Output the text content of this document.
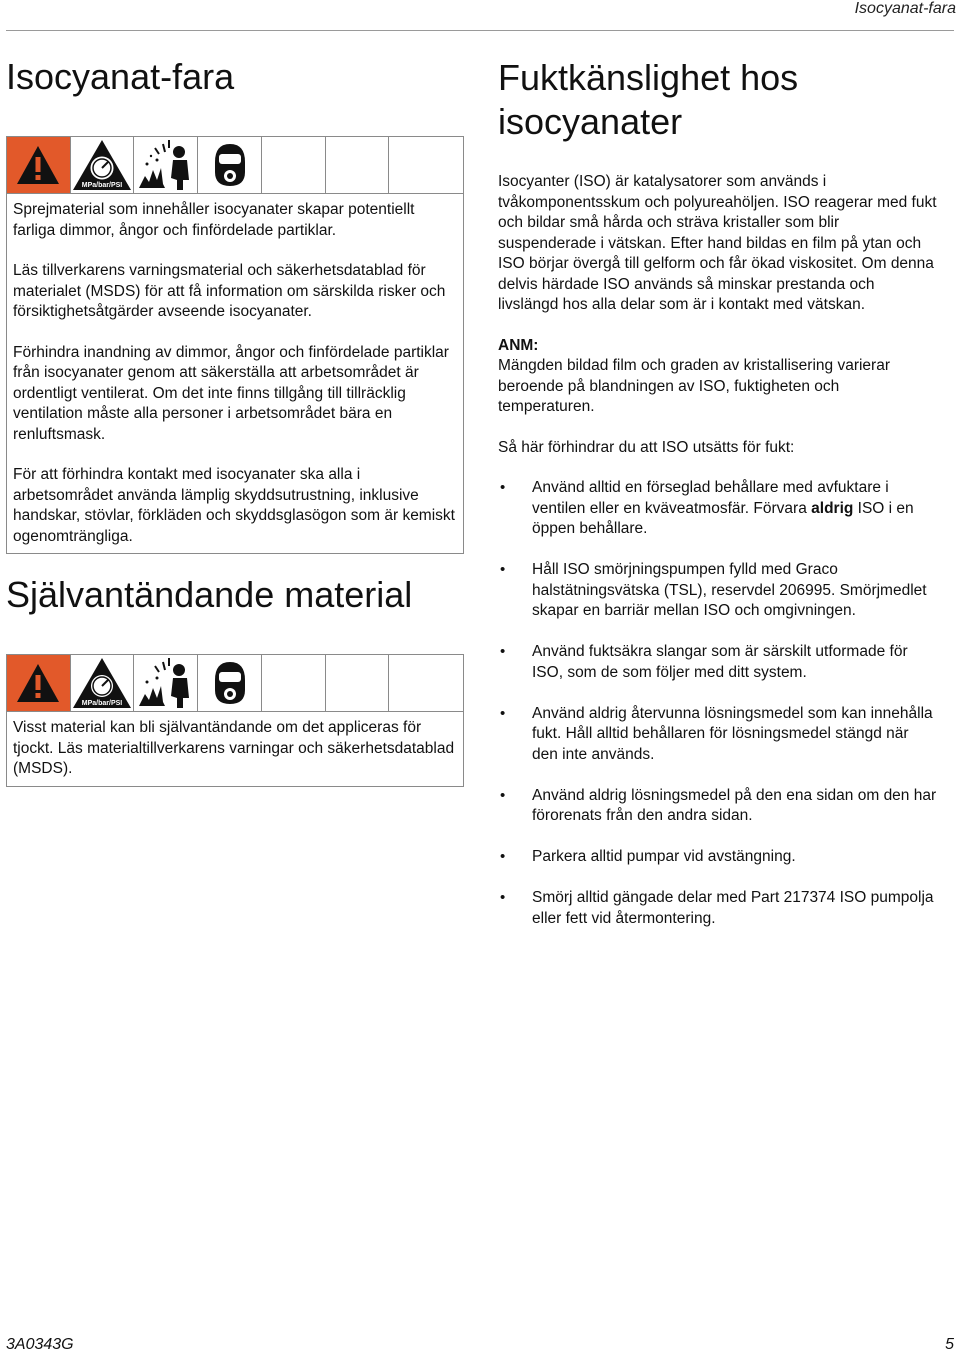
Isocyanat-fara
Isocyanat-fara
MPa/bar/PSI

Sprejmaterial som innehåller isocyanater skapar potentiellt farliga dimmor, ångor och finfördelade partiklar.

Läs tillverkarens varningsmaterial och säkerhetsdatablad för materialet (MSDS) för att få information om särskilda risker och försiktighetsåtgärder avseende isocyanater.

Förhindra inandning av dimmor, ångor och finfördelade partiklar från isocyanater genom att säkerställa att arbetsområdet är ordentligt ventilerat. Om det inte finns tillgång till tillräcklig ventilation måste alla personer i arbetsområdet bära en renluftsmask.

För att förhindra kontakt med isocyanater ska alla i arbetsområdet använda lämplig skyddsutrustning, inklusive handskar, stövlar, förkläden och skyddsglasögon som är kemiskt ogenomträngliga.

Självantändande material
MPa/bar/PSI

Visst material kan bli självantändande om det appliceras för tjockt. Läs materialtillverkarens varningar och säkerhetsdatablad (MSDS).

Fuktkänslighet hos isocyanater

Isocyanter (ISO) är katalysatorer som används i tvåkomponentsskum och polyureahöljen. ISO reagerar med fukt och bildar små hårda och sträva kristaller som blir suspenderade i vätskan. Efter hand bildas en film på ytan och ISO börjar övergå till gelform och får ökad viskositet. Om denna delvis härdade ISO används så minskar prestanda och livslängd hos alla delar som är i kontakt med vätskan.

ANM:

Mängden bildad film och graden av kristallisering varierar beroende på blandningen av ISO, fuktigheten och temperaturen.

Så här förhindrar du att ISO utsätts för fukt:

• Använd alltid en förseglad behållare med avfuktare i ventilen eller en kväveatmosfär. Förvara aldrig ISO i en öppen behållare.
• Håll ISO smörjningspumpen fylld med Graco halstätningsvätska (TSL), reservdel 206995. Smörjmedlet skapar en barriär mellan ISO och omgivningen.
• Använd fuktsäkra slangar som är särskilt utformade för ISO, som de som följer med ditt system.
• Använd aldrig återvunna lösningsmedel som kan innehålla fukt. Håll alltid behållaren för lösningsmedel stängd när den inte används.
• Använd aldrig lösningsmedel på den ena sidan om den har förorenats från den andra sidan.
• Parkera alltid pumpar vid avstängning.
• Smörj alltid gängade delar med Part 217374 ISO pumpolja eller fett vid återmontering.
3A0343G	5
